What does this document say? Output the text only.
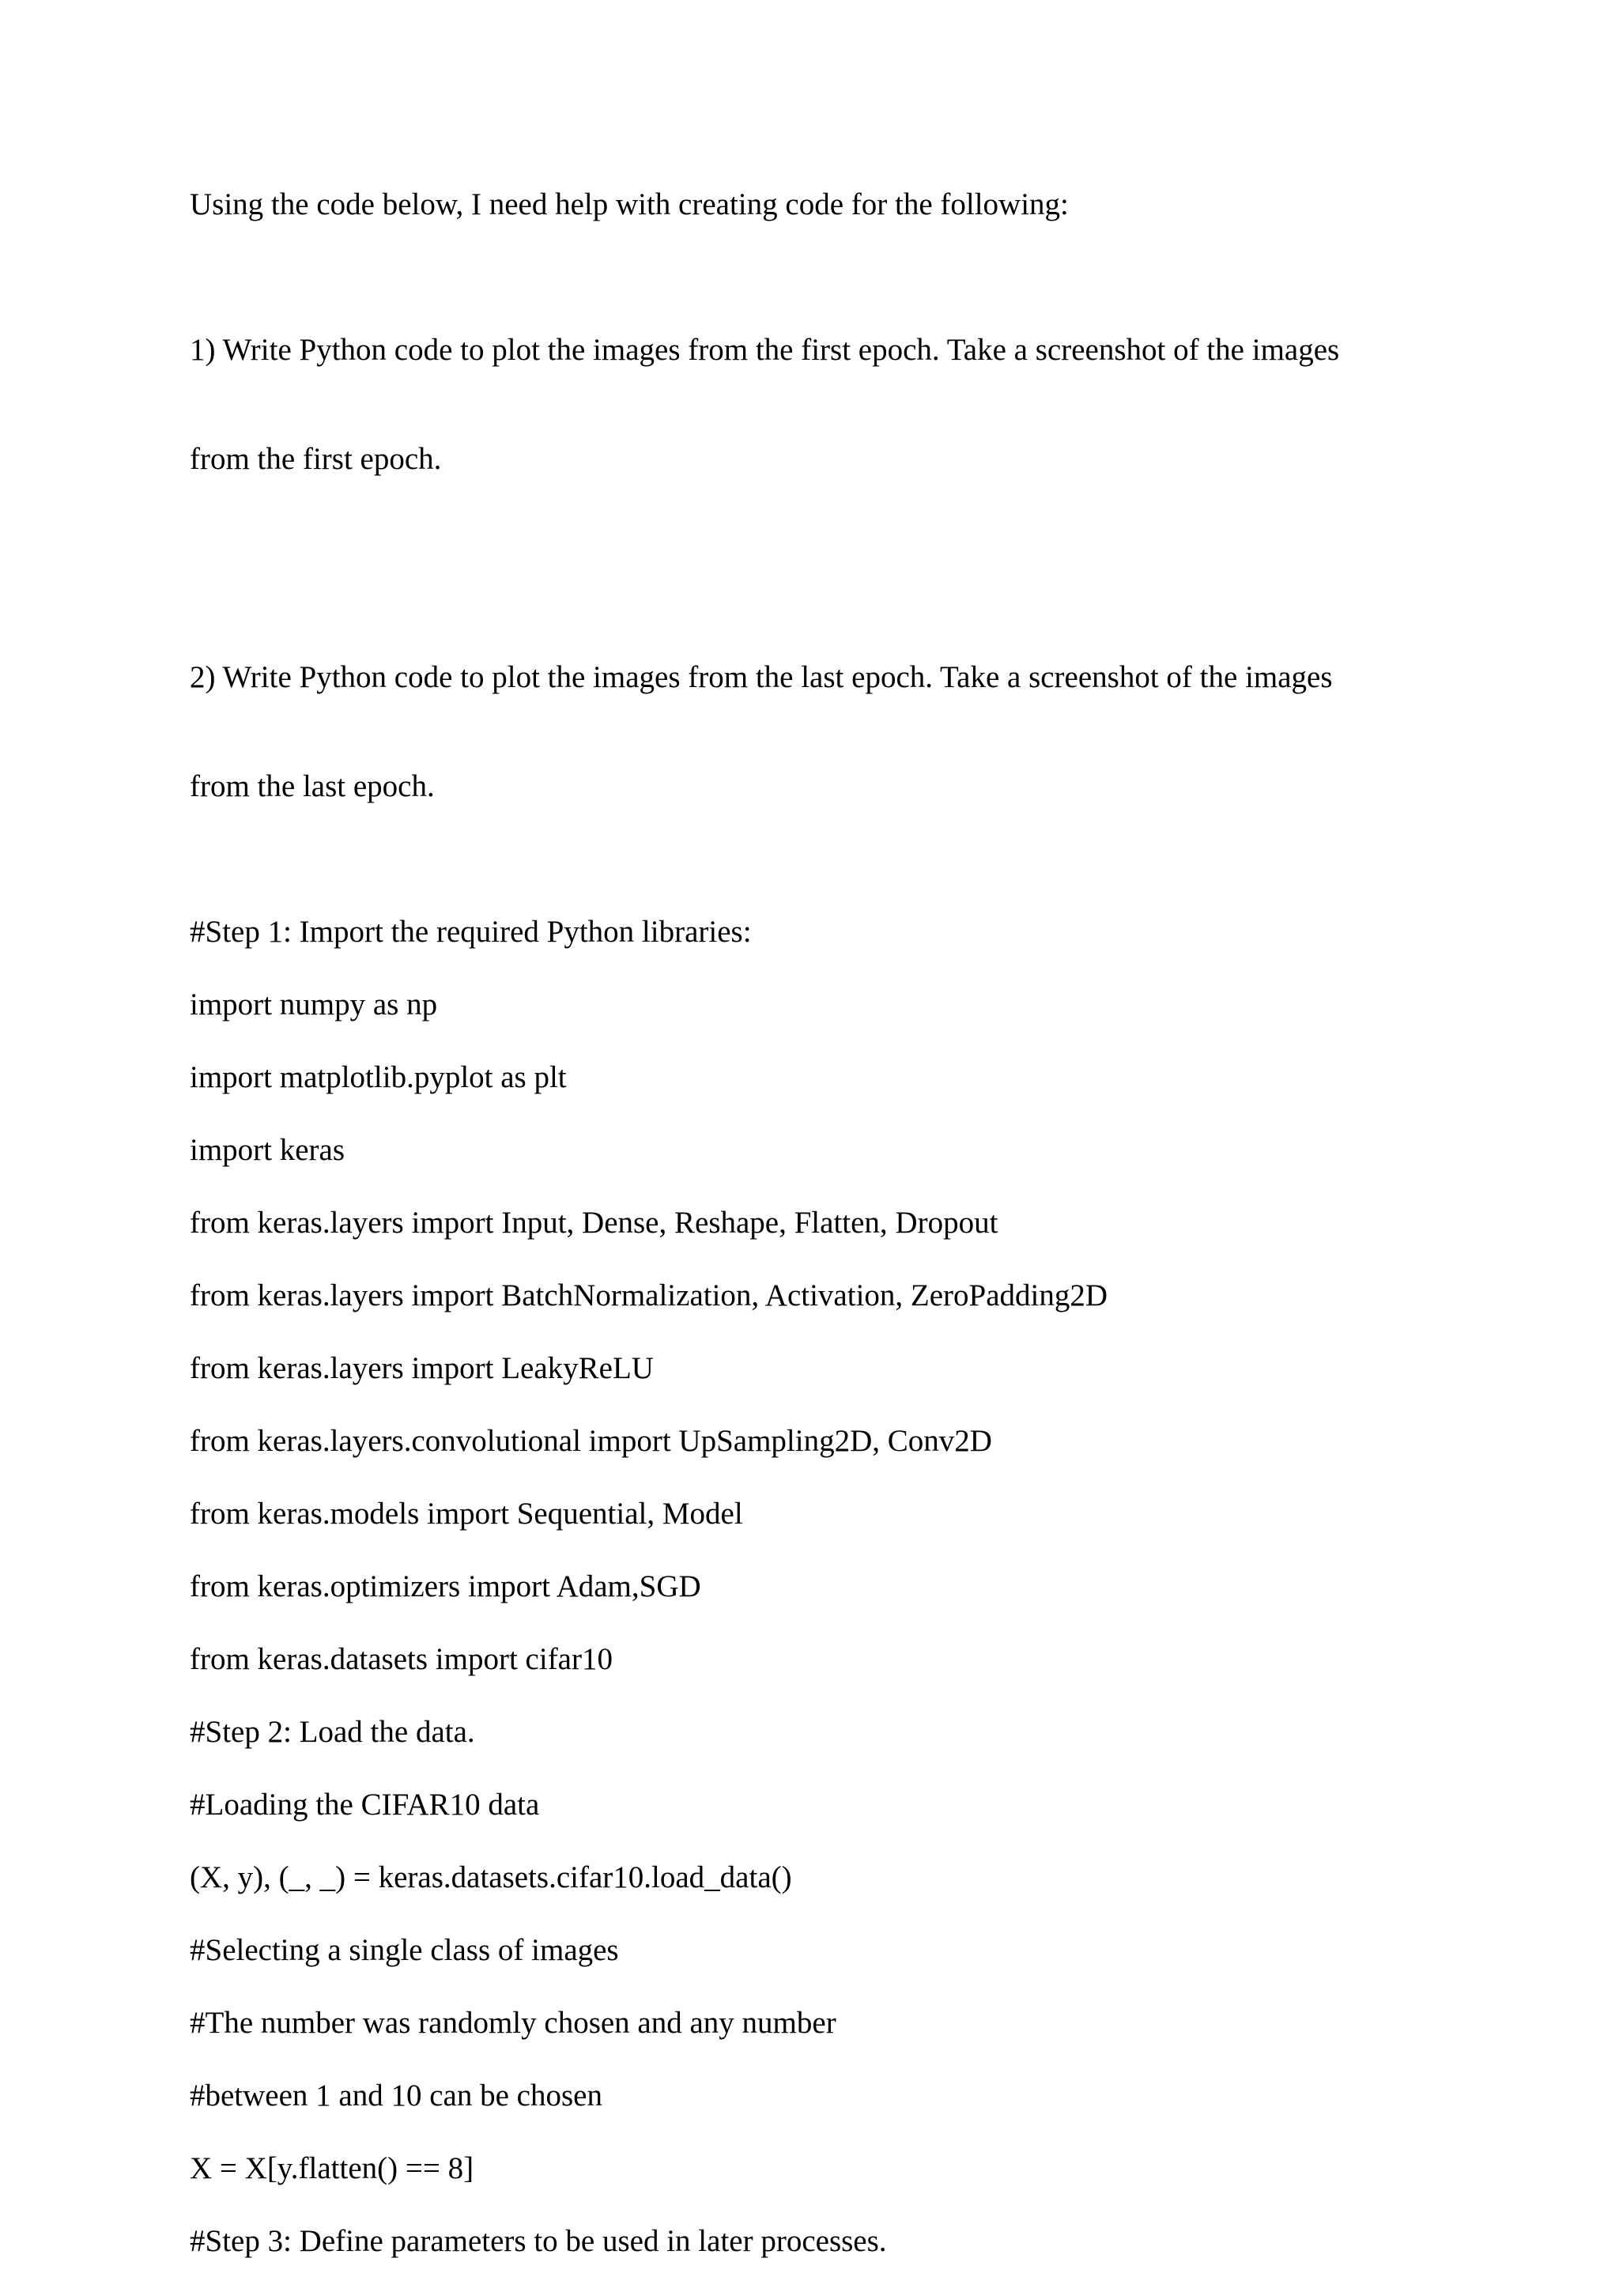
Using the code below, I need help with creating code for the following:

1) Write Python code to plot the images from the first epoch. Take a screenshot of the images

from the first epoch.

2) Write Python code to plot the images from the last epoch. Take a screenshot of the images

from the last epoch.

#Step 1: Import the required Python libraries:
import numpy as np
import matplotlib.pyplot as plt
import keras
from keras.layers import Input, Dense, Reshape, Flatten, Dropout
from keras.layers import BatchNormalization, Activation, ZeroPadding2D
from keras.layers import LeakyReLU
from keras.layers.convolutional import UpSampling2D, Conv2D
from keras.models import Sequential, Model
from keras.optimizers import Adam,SGD
from keras.datasets import cifar10
#Step 2: Load the data.
#Loading the CIFAR10 data
(X, y), (_, _) = keras.datasets.cifar10.load_data()
#Selecting a single class of images
#The number was randomly chosen and any number
#between 1 and 10 can be chosen
X = X[y.flatten() == 8]
#Step 3: Define parameters to be used in later processes.
